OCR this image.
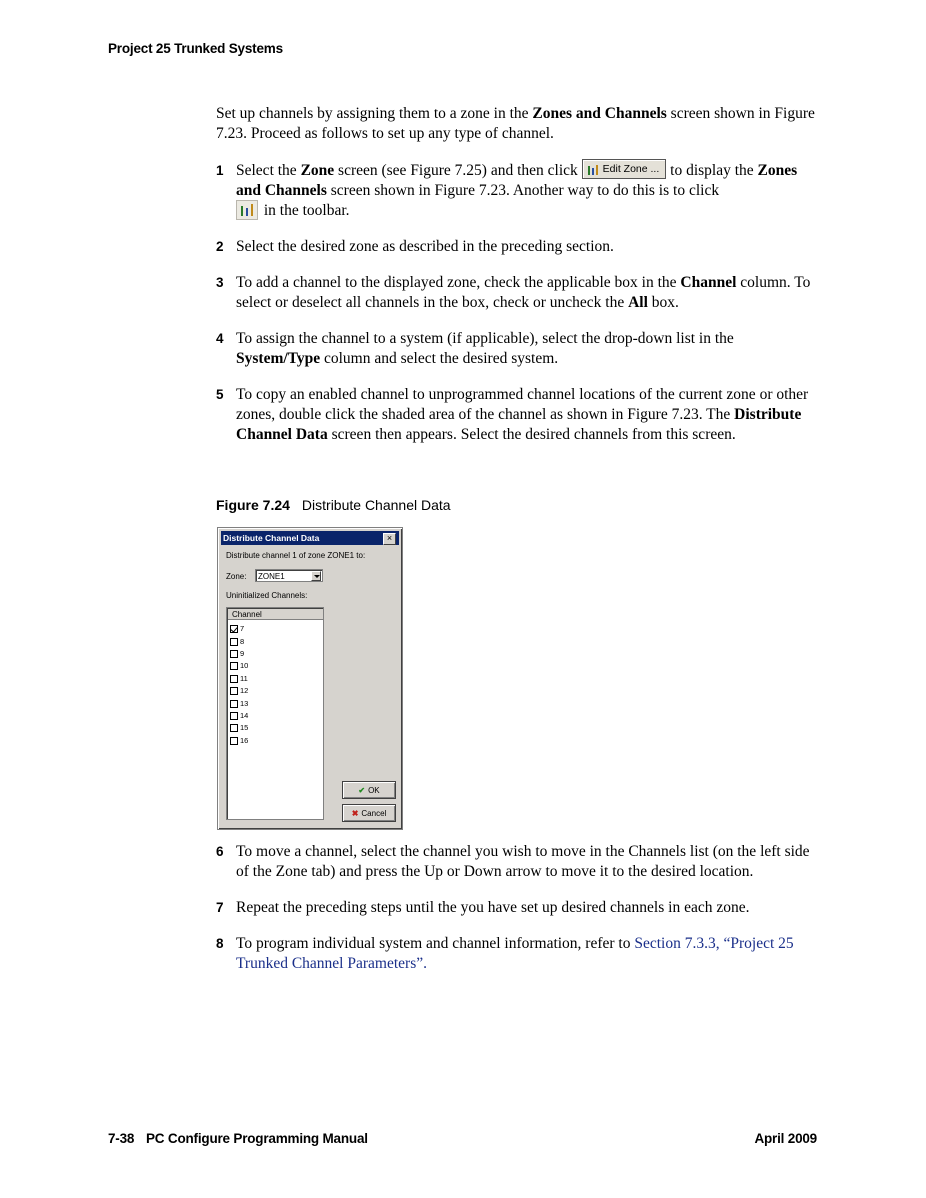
Project 25 Trunked Systems

Set up channels by assigning them to a zone in the Zones and Channels screen shown in Figure 7.23. Proceed as follows to set up any type of channel.

1 Select the Zone screen (see Figure 7.25) and then click Edit Zone ... to display the Zones and Channels screen shown in Figure 7.23. Another way to do this is to click
in the toolbar.
2 Select the desired zone as described in the preceding section.
3 To add a channel to the displayed zone, check the applicable box in the Channel column. To select or deselect all channels in the box, check or uncheck the All box.
4 To assign the channel to a system (if applicable), select the drop-down list in the System/Type column and select the desired system.
5 To copy an enabled channel to unprogrammed channel locations of the current zone or other zones, double click the shaded area of the channel as shown in Figure 7.23. The Distribute Channel Data screen then appears. Select the desired channels from this screen.
Figure 7.24 Distribute Channel Data
Distribute Channel Data	×
Distribute channel 1 of zone ZONE1 to:
Zone:	ZONE1
Uninitialized Channels:
Channel
7
8
9
10
11
12
13
14
15
16
✔ OK
✖ Cancel
6 To move a channel, select the channel you wish to move in the Channels list (on the left side of the Zone tab) and press the Up or Down arrow to move it to the desired location.
7 Repeat the preceding steps until the you have set up desired channels in each zone.
8 To program individual system and channel information, refer to Section 7.3.3, “Project 25 Trunked Channel Parameters”.
7-38 PC Configure Programming Manual	April 2009
